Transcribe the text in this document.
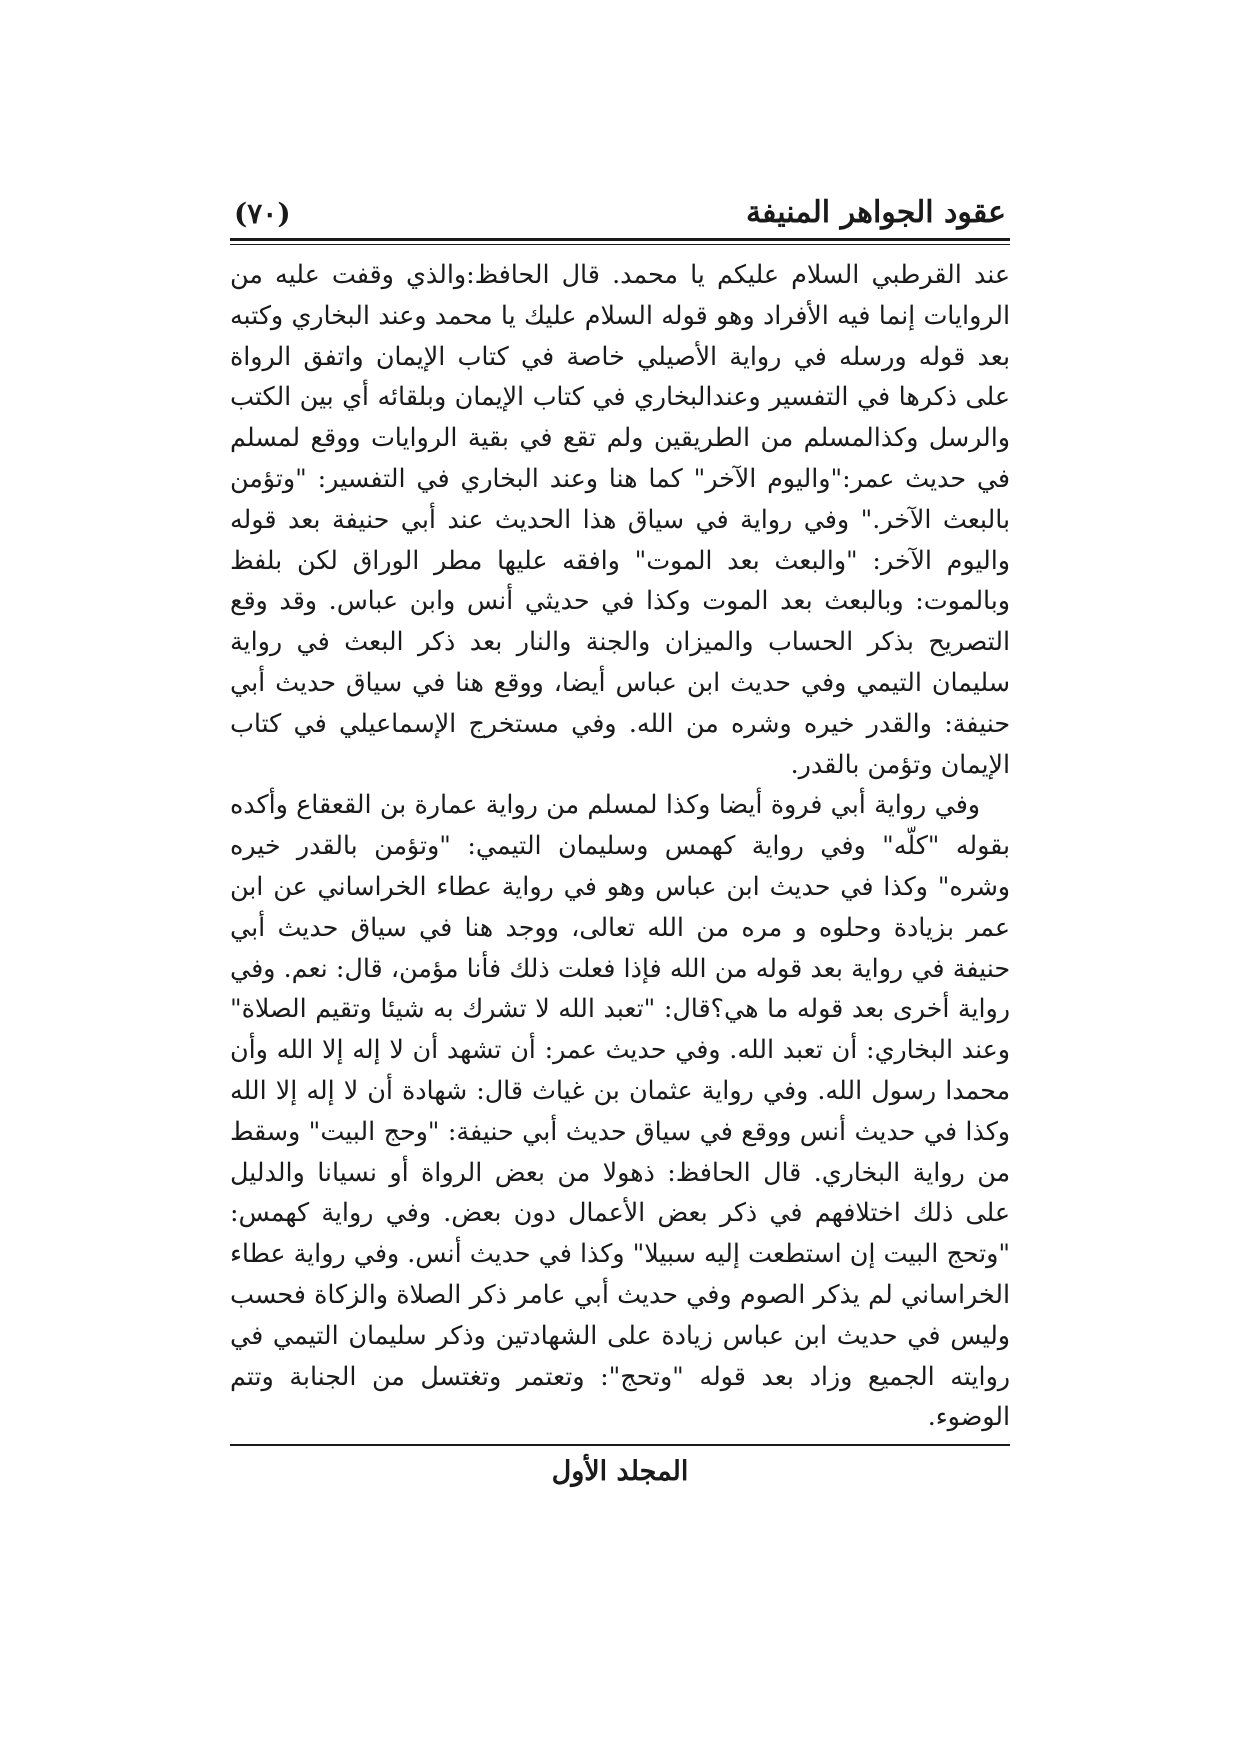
عقود الجواهر المنيفة
(٧٠)

عند القرطبي السلام عليكم يا محمد. قال الحافظ:والذي وقفت عليه من الروايات إنما فيه الأفراد وهو قوله السلام عليك يا محمد وعند البخاري وكتبه بعد قوله ورسله في رواية الأصيلي خاصة في كتاب الإيمان واتفق الرواة على ذكرها في التفسير وعندالبخاري في كتاب الإيمان وبلقائه أي بين الكتب والرسل وكذالمسلم من الطريقين ولم تقع في بقية الروايات ووقع لمسلم في حديث عمر:"واليوم الآخر" كما هنا وعند البخاري في التفسير: "وتؤمن بالبعث الآخر." وفي رواية في سياق هذا الحديث عند أبي حنيفة بعد قوله واليوم الآخر: "والبعث بعد الموت" وافقه عليها مطر الوراق لكن بلفظ وبالموت: وبالبعث بعد الموت وكذا في حديثي أنس وابن عباس. وقد وقع التصريح بذكر الحساب والميزان والجنة والنار بعد ذكر البعث في رواية سليمان التيمي وفي حديث ابن عباس أيضا، ووقع هنا في سياق حديث أبي حنيفة: والقدر خيره وشره من الله. وفي مستخرج الإسماعيلي في كتاب الإيمان وتؤمن بالقدر.

وفي رواية أبي فروة أيضا وكذا لمسلم من رواية عمارة بن القعقاع وأكده بقوله "كلّه" وفي رواية كهمس وسليمان التيمي: "وتؤمن بالقدر خيره وشره" وكذا في حديث ابن عباس وهو في رواية عطاء الخراساني عن ابن عمر بزيادة وحلوه و مره من الله تعالى، ووجد هنا في سياق حديث أبي حنيفة في رواية بعد قوله من الله فإذا فعلت ذلك فأنا مؤمن، قال: نعم. وفي رواية أخرى بعد قوله ما هي؟قال: "تعبد الله لا تشرك به شيئا وتقيم الصلاة" وعند البخاري: أن تعبد الله. وفي حديث عمر: أن تشهد أن لا إله إلا الله وأن محمدا رسول الله. وفي رواية عثمان بن غياث قال: شهادة أن لا إله إلا الله وكذا في حديث أنس ووقع في سياق حديث أبي حنيفة: "وحج البيت" وسقط من رواية البخاري. قال الحافظ: ذهولا من بعض الرواة أو نسيانا والدليل على ذلك اختلافهم في ذكر بعض الأعمال دون بعض. وفي رواية كهمس: "وتحج البيت إن استطعت إليه سبيلا" وكذا في حديث أنس. وفي رواية عطاء الخراساني لم يذكر الصوم وفي حديث أبي عامر ذكر الصلاة والزكاة فحسب وليس في حديث ابن عباس زيادة على الشهادتين وذكر سليمان التيمي في روايته الجميع وزاد بعد قوله "وتحج": وتعتمر وتغتسل من الجنابة وتتم الوضوء.

المجلد الأول
